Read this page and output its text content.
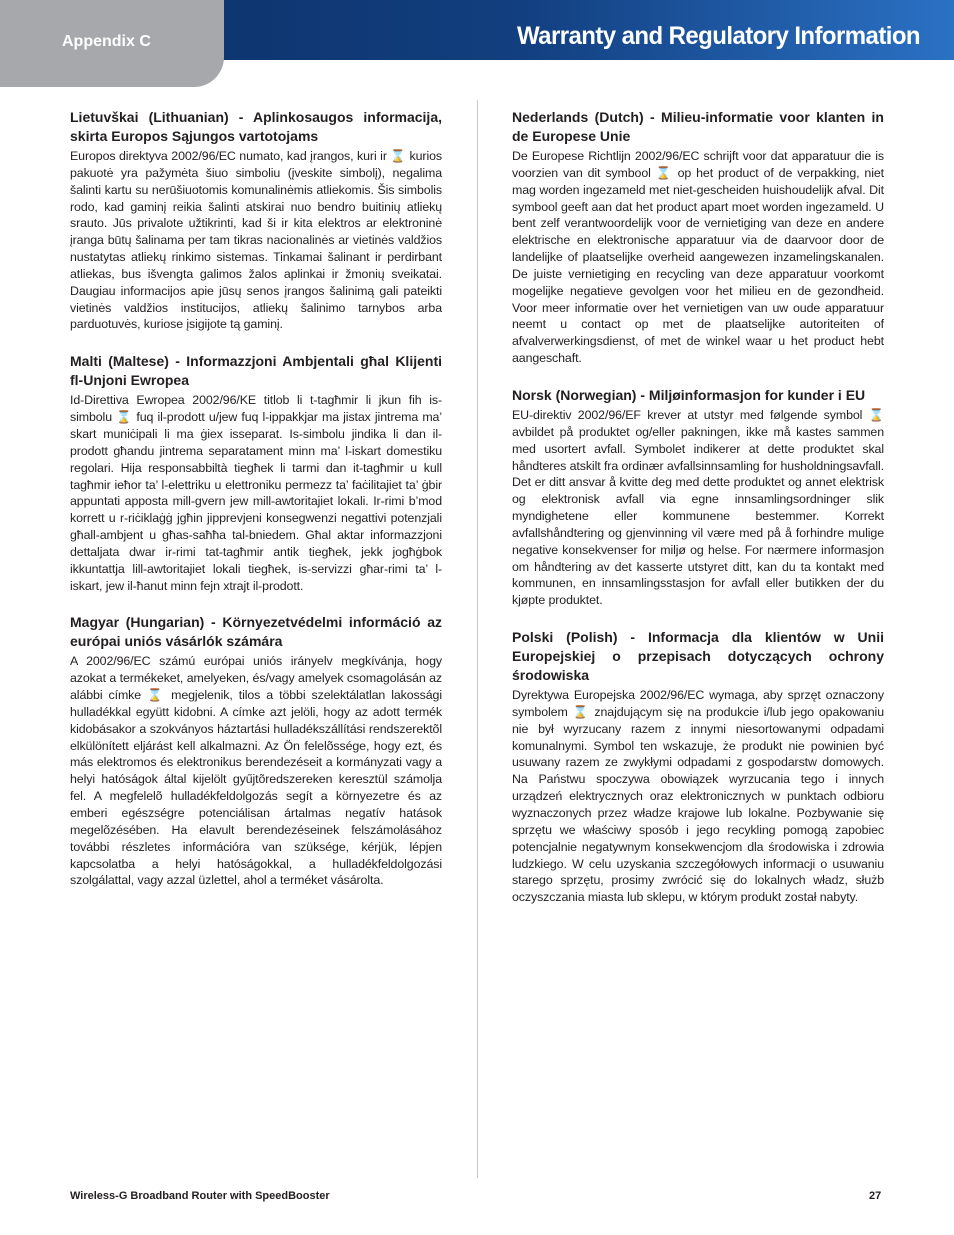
Appendix C	Warranty and Regulatory Information

Lietuvškai (Lithuanian) - Aplinkosaugos informacija, skirta Europos Sąjungos vartotojams

Europos direktyva 2002/96/EC numato, kad įrangos, kuri ir ⌛ kurios pakuotė yra pažymėta šiuo simboliu (įveskite simbolį), negalima šalinti kartu su nerūšiuotomis komunalinėmis atliekomis. Šis simbolis rodo, kad gaminį reikia šalinti atskirai nuo bendro buitinių atliekų srauto. Jūs privalote užtikrinti, kad ši ir kita elektros ar elektroninė įranga būtų šalinama per tam tikras nacionalinės ar vietinės valdžios nustatytas atliekų rinkimo sistemas. Tinkamai šalinant ir perdirbant atliekas, bus išvengta galimos žalos aplinkai ir žmonių sveikatai. Daugiau informacijos apie jūsų senos įrangos šalinimą gali pateikti vietinės valdžios institucijos, atliekų šalinimo tarnybos arba parduotuvės, kuriose įsigijote tą gaminį.

Malti (Maltese) - Informazzjoni Ambjentali għal Klijenti fl-Unjoni Ewropea

Id-Direttiva Ewropea 2002/96/KE titlob li t-tagħmir li jkun fih is-simbolu ⌛ fuq il-prodott u/jew fuq l-ippakkjar ma jistax jintrema ma’ skart muniċipali li ma ġiex isseparat. Is-simbolu jindika li dan il-prodott għandu jintrema separatament minn ma’ l-iskart domestiku regolari. Hija responsabbiltà tiegħek li tarmi dan it-tagħmir u kull tagħmir ieħor ta’ l-elettriku u elettroniku permezz ta’ faċilitajiet ta’ ġbir appuntati apposta mill-gvern jew mill-awtoritajiet lokali. Ir-rimi b’mod korrett u r-riċiklaġġ jgħin jipprevjeni konsegwenzi negattivi potenzjali għall-ambjent u għas-saħħa tal-bniedem. Għal aktar informazzjoni dettaljata dwar ir-rimi tat-tagħmir antik tiegħek, jekk jogħġbok ikkuntattja lill-awtoritajiet lokali tiegħek, is-servizzi għar-rimi ta’ l-iskart, jew il-ħanut minn fejn xtrajt il-prodott.

Magyar (Hungarian) - Környezetvédelmi információ az európai uniós vásárlók számára

A 2002/96/EC számú európai uniós irányelv megkívánja, hogy azokat a termékeket, amelyeken, és/vagy amelyek csomagolásán az alábbi címke ⌛ megjelenik, tilos a többi szelektálatlan lakossági hulladékkal együtt kidobni. A címke azt jelöli, hogy az adott termék kidobásakor a szokványos háztartási hulladékszállítási rendszerektõl elkülönített eljárást kell alkalmazni. Az Ön felelõssége, hogy ezt, és más elektromos és elektronikus berendezéseit a kormányzati vagy a helyi hatóságok által kijelölt gyűjtõredszereken keresztül számolja fel. A megfelelõ hulladékfeldolgozás segít a környezetre és az emberi egészségre potenciálisan ártalmas negatív hatások megelõzésében. Ha elavult berendezéseinek felszámolásához további részletes információra van szüksége, kérjük, lépjen kapcsolatba a helyi hatóságokkal, a hulladékfeldolgozási szolgálattal, vagy azzal üzlettel, ahol a terméket vásárolta.

Nederlands (Dutch) - Milieu-informatie voor klanten in de Europese Unie

De Europese Richtlijn 2002/96/EC schrijft voor dat apparatuur die is voorzien van dit symbool ⌛ op het product of de verpakking, niet mag worden ingezameld met niet-gescheiden huishoudelijk afval. Dit symbool geeft aan dat het product apart moet worden ingezameld. U bent zelf verantwoordelijk voor de vernietiging van deze en andere elektrische en elektronische apparatuur via de daarvoor door de landelijke of plaatselijke overheid aangewezen inzamelingskanalen. De juiste vernietiging en recycling van deze apparatuur voorkomt mogelijke negatieve gevolgen voor het milieu en de gezondheid. Voor meer informatie over het vernietigen van uw oude apparatuur neemt u contact op met de plaatselijke autoriteiten of afvalverwerkingsdienst, of met de winkel waar u het product hebt aangeschaft.

Norsk (Norwegian) - Miljøinformasjon for kunder i EU

EU-direktiv 2002/96/EF krever at utstyr med følgende symbol ⌛ avbildet på produktet og/eller pakningen, ikke må kastes sammen med usortert avfall. Symbolet indikerer at dette produktet skal håndteres atskilt fra ordinær avfallsinnsamling for husholdningsavfall. Det er ditt ansvar å kvitte deg med dette produktet og annet elektrisk og elektronisk avfall via egne innsamlingsordninger slik myndighetene eller kommunene bestemmer. Korrekt avfallshåndtering og gjenvinning vil være med på å forhindre mulige negative konsekvenser for miljø og helse. For nærmere informasjon om håndtering av det kasserte utstyret ditt, kan du ta kontakt med kommunen, en innsamlingsstasjon for avfall eller butikken der du kjøpte produktet.

Polski (Polish) - Informacja dla klientów w Unii Europejskiej o przepisach dotyczących ochrony środowiska

Dyrektywa Europejska 2002/96/EC wymaga, aby sprzęt oznaczony symbolem ⌛ znajdującym się na produkcie i/lub jego opakowaniu nie był wyrzucany razem z innymi niesortowanymi odpadami komunalnymi. Symbol ten wskazuje, że produkt nie powinien być usuwany razem ze zwykłymi odpadami z gospodarstw domowych. Na Państwu spoczywa obowiązek wyrzucania tego i innych urządzeń elektrycznych oraz elektronicznych w punktach odbioru wyznaczonych przez władze krajowe lub lokalne. Pozbywanie się sprzętu we właściwy sposób i jego recykling pomogą zapobiec potencjalnie negatywnym konsekwencjom dla środowiska i zdrowia ludzkiego. W celu uzyskania szczegółowych informacji o usuwaniu starego sprzętu, prosimy zwrócić się do lokalnych władz, służb oczyszczania miasta lub sklepu, w którym produkt został nabyty.

Wireless-G Broadband Router with SpeedBooster	27
